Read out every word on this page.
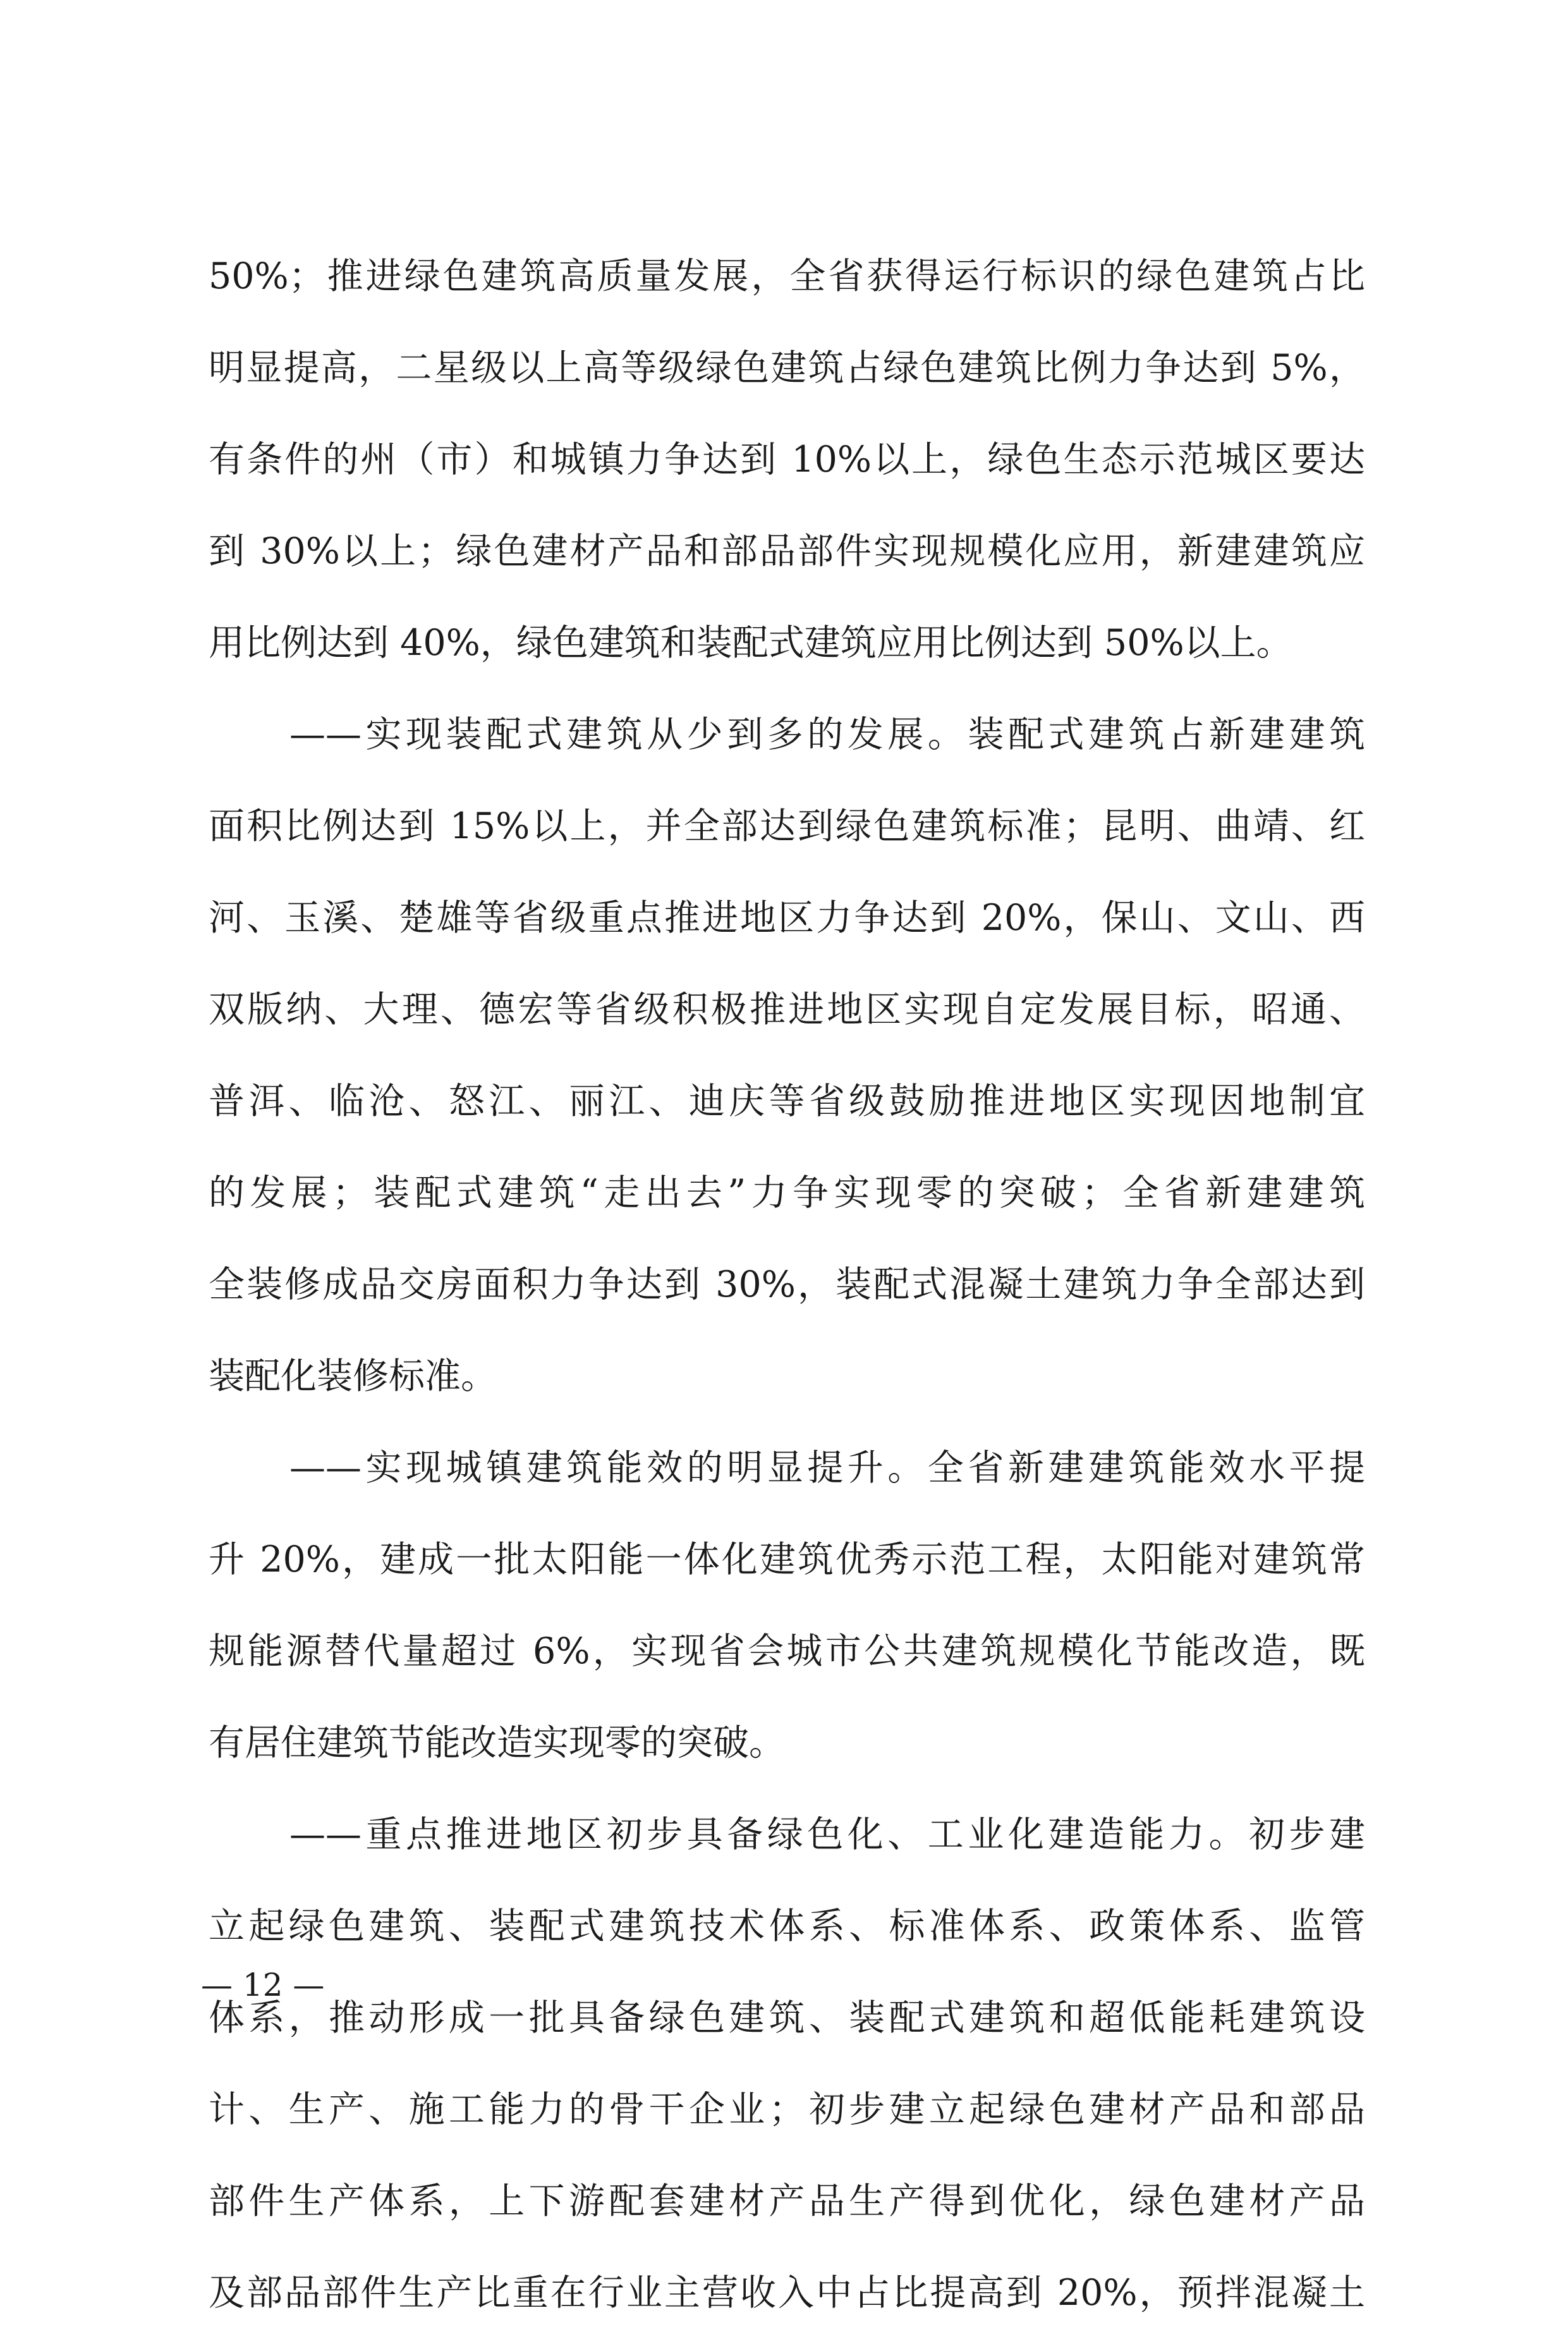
50%；推进绿色建筑高质量发展，全省获得运行标识的绿色建筑占比
明显提高，二星级以上高等级绿色建筑占绿色建筑比例力争达到 5%，
有条件的州（市）和城镇力争达到 10%以上，绿色生态示范城区要达
到 30%以上；绿色建材产品和部品部件实现规模化应用，新建建筑应
用比例达到 40%，绿色建筑和装配式建筑应用比例达到 50%以上。
——实现装配式建筑从少到多的发展。装配式建筑占新建建筑
面积比例达到 15%以上，并全部达到绿色建筑标准；昆明、曲靖、红
河、玉溪、楚雄等省级重点推进地区力争达到 20%，保山、文山、西
双版纳、大理、德宏等省级积极推进地区实现自定发展目标，昭通、
普洱、临沧、怒江、丽江、迪庆等省级鼓励推进地区实现因地制宜
的发展；装配式建筑“走出去”力争实现零的突破；全省新建建筑
全装修成品交房面积力争达到 30%，装配式混凝土建筑力争全部达到
装配化装修标准。
——实现城镇建筑能效的明显提升。全省新建建筑能效水平提
升 20%，建成一批太阳能一体化建筑优秀示范工程，太阳能对建筑常
规能源替代量超过 6%，实现省会城市公共建筑规模化节能改造，既
有居住建筑节能改造实现零的突破。
——重点推进地区初步具备绿色化、工业化建造能力。初步建
立起绿色建筑、装配式建筑技术体系、标准体系、政策体系、监管
体系，推动形成一批具备绿色建筑、装配式建筑和超低能耗建筑设
计、生产、施工能力的骨干企业；初步建立起绿色建材产品和部品
部件生产体系，上下游配套建材产品生产得到优化，绿色建材产品
及部品部件生产比重在行业主营收入中占比提高到 20%，预拌混凝土
— 12 —
